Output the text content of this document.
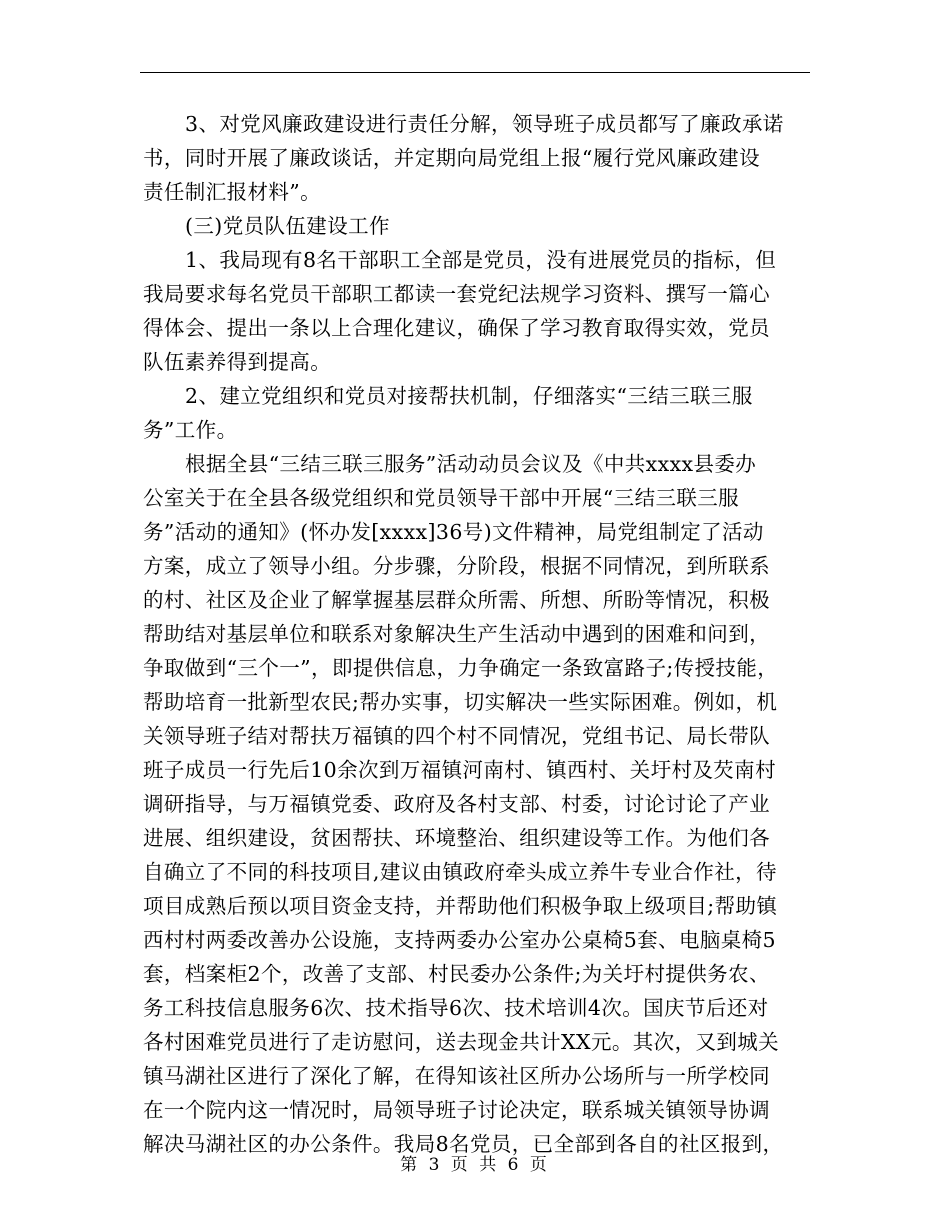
3、对党风廉政建设进行责任分解，领导班子成员都写了廉政承诺
书，同时开展了廉政谈话，并定期向局党组上报“履行党风廉政建设
责任制汇报材料”。
(三)党员队伍建设工作
1、我局现有8名干部职工全部是党员，没有进展党员的指标，但
我局要求每名党员干部职工都读一套党纪法规学习资料、撰写一篇心
得体会、提出一条以上合理化建议，确保了学习教育取得实效，党员
队伍素养得到提高。
2、建立党组织和党员对接帮扶机制，仔细落实“三结三联三服
务”工作。
根据全县“三结三联三服务”活动动员会议及《中共xxxx县委办
公室关于在全县各级党组织和党员领导干部中开展“三结三联三服
务”活动的通知》(怀办发[xxxx]36号)文件精神，局党组制定了活动
方案，成立了领导小组。分步骤，分阶段，根据不同情况，到所联系
的村、社区及企业了解掌握基层群众所需、所想、所盼等情况，积极
帮助结对基层单位和联系对象解决生产生活动中遇到的困难和问到，
争取做到“三个一”，即提供信息，力争确定一条致富路子;传授技能，
帮助培育一批新型农民;帮办实事，切实解决一些实际困难。例如，机
关领导班子结对帮扶万福镇的四个村不同情况，党组书记、局长带队
班子成员一行先后10余次到万福镇河南村、镇西村、关圩村及芡南村
调研指导，与万福镇党委、政府及各村支部、村委，讨论讨论了产业
进展、组织建设，贫困帮扶、环境整治、组织建设等工作。为他们各
自确立了不同的科技项目,建议由镇政府牵头成立养牛专业合作社，待
项目成熟后预以项目资金支持，并帮助他们积极争取上级项目;帮助镇
西村村两委改善办公设施，支持两委办公室办公桌椅5套、电脑桌椅5
套，档案柜2个，改善了支部、村民委办公条件;为关圩村提供务农、
务工科技信息服务6次、技术指导6次、技术培训4次。国庆节后还对
各村困难党员进行了走访慰问，送去现金共计XX元。其次，又到城关
镇马湖社区进行了深化了解，在得知该社区所办公场所与一所学校同
在一个院内这一情况时，局领导班子讨论决定，联系城关镇领导协调
解决马湖社区的办公条件。我局8名党员，已全部到各自的社区报到，
第 3 页 共 6 页
